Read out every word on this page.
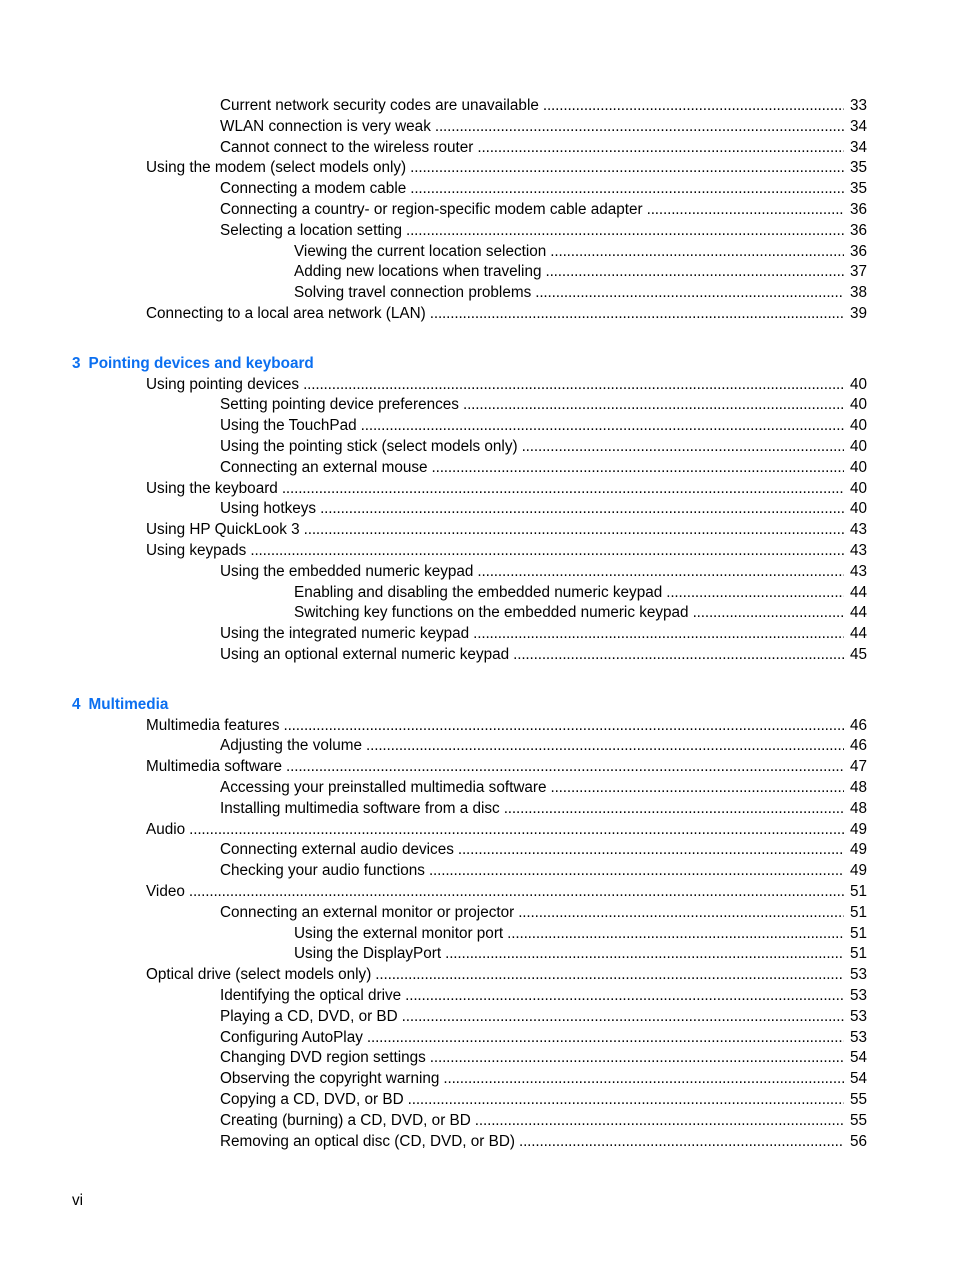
Current network security codes are unavailable . . .	33
WLAN connection is very weak . . .	34
Cannot connect to the wireless router . . .	34
Using the modem (select models only) . . .	35
Connecting a modem cable . . .	35
Connecting a country- or region-specific modem cable adapter . . .	36
Selecting a location setting . . .	36
Viewing the current location selection . . .	36
Adding new locations when traveling . . .	37
Solving travel connection problems . . .	38
Connecting to a local area network (LAN) . . .	39
3 Pointing devices and keyboard
Using pointing devices . . .	40
Setting pointing device preferences . . .	40
Using the TouchPad . . .	40
Using the pointing stick (select models only) . . .	40
Connecting an external mouse . . .	40
Using the keyboard . . .	40
Using hotkeys . . .	40
Using HP QuickLook 3 . . .	43
Using keypads . . .	43
Using the embedded numeric keypad . . .	43
Enabling and disabling the embedded numeric keypad . . .	44
Switching key functions on the embedded numeric keypad . . .	44
Using the integrated numeric keypad . . .	44
Using an optional external numeric keypad . . .	45
4 Multimedia
Multimedia features . . .	46
Adjusting the volume . . .	46
Multimedia software . . .	47
Accessing your preinstalled multimedia software . . .	48
Installing multimedia software from a disc . . .	48
Audio . . .	49
Connecting external audio devices . . .	49
Checking your audio functions . . .	49
Video . . .	51
Connecting an external monitor or projector . . .	51
Using the external monitor port . . .	51
Using the DisplayPort . . .	51
Optical drive (select models only) . . .	53
Identifying the optical drive . . .	53
Playing a CD, DVD, or BD . . .	53
Configuring AutoPlay . . .	53
Changing DVD region settings . . .	54
Observing the copyright warning . . .	54
Copying a CD, DVD, or BD . . .	55
Creating (burning) a CD, DVD, or BD . . .	55
Removing an optical disc (CD, DVD, or BD) . . .	56
vi
